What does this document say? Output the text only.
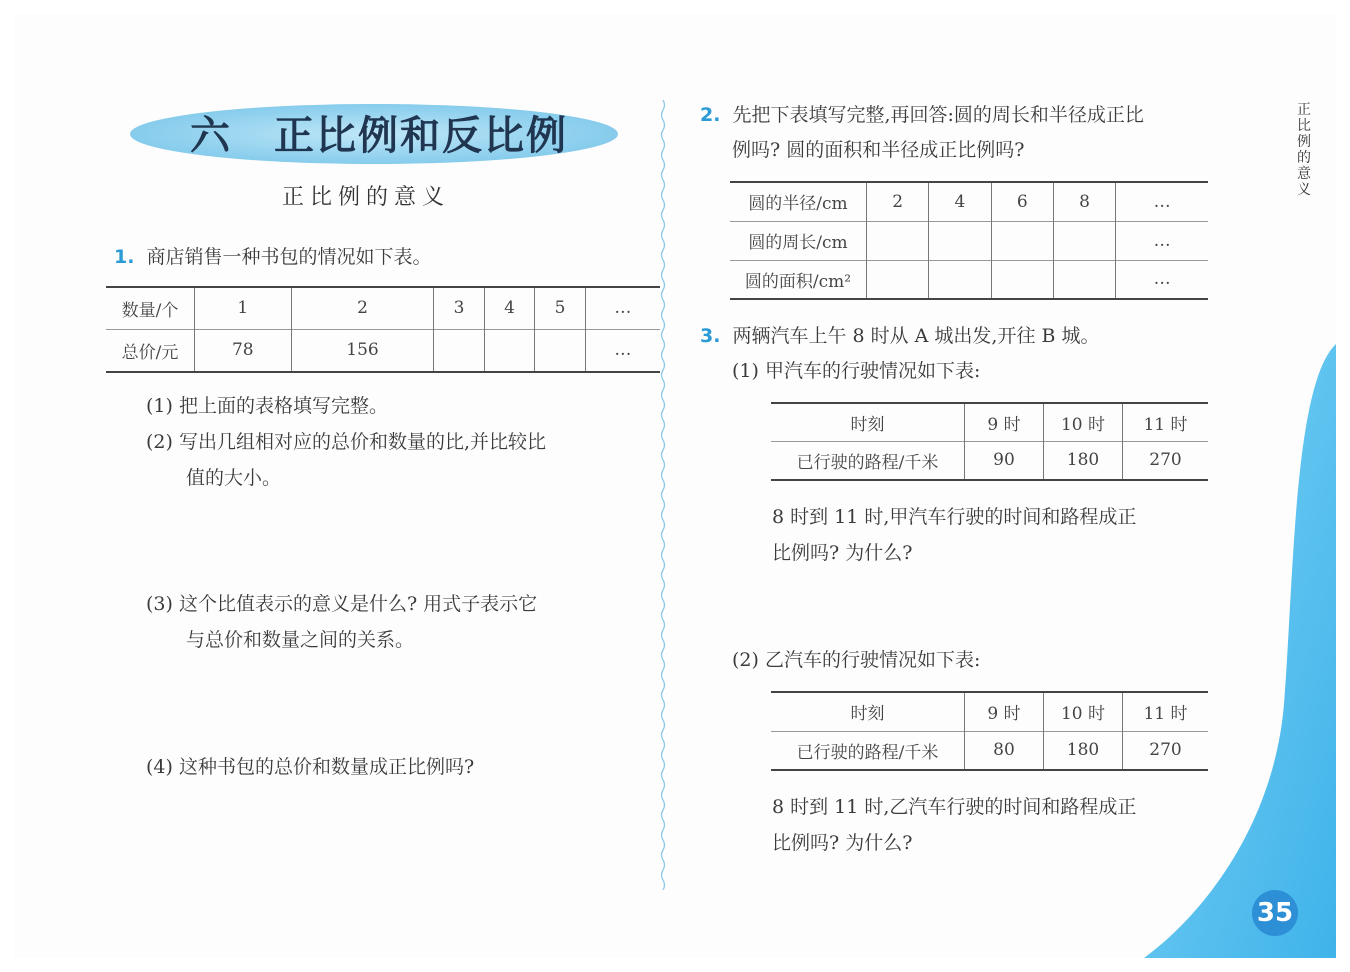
六　正比例和反比例
正比例的意义
1. 商店销售一种书包的情况如下表。
数量/个	1	2	3	4	5	…
总价/元	78	156				…
(1) 把上面的表格填写完整。
(2) 写出几组相对应的总价和数量的比,并比较比
值的大小。
(3) 这个比值表示的意义是什么? 用式子表示它
与总价和数量之间的关系。
(4) 这种书包的总价和数量成正比例吗?
2. 先把下表填写完整,再回答:圆的周长和半径成正比
例吗? 圆的面积和半径成正比例吗?
圆的半径/cm	2	4	6	8	…
圆的周长/cm					…
圆的面积/cm²					…
3. 两辆汽车上午 8 时从 A 城出发,开往 B 城。
(1) 甲汽车的行驶情况如下表:
时刻	9 时	10 时	11 时
已行驶的路程/千米	90	180	270
8 时到 11 时,甲汽车行驶的时间和路程成正
比例吗? 为什么?
(2) 乙汽车的行驶情况如下表:
时刻	9 时	10 时	11 时
已行驶的路程/千米	80	180	270
8 时到 11 时,乙汽车行驶的时间和路程成正
比例吗? 为什么?
正比例的意义
35
